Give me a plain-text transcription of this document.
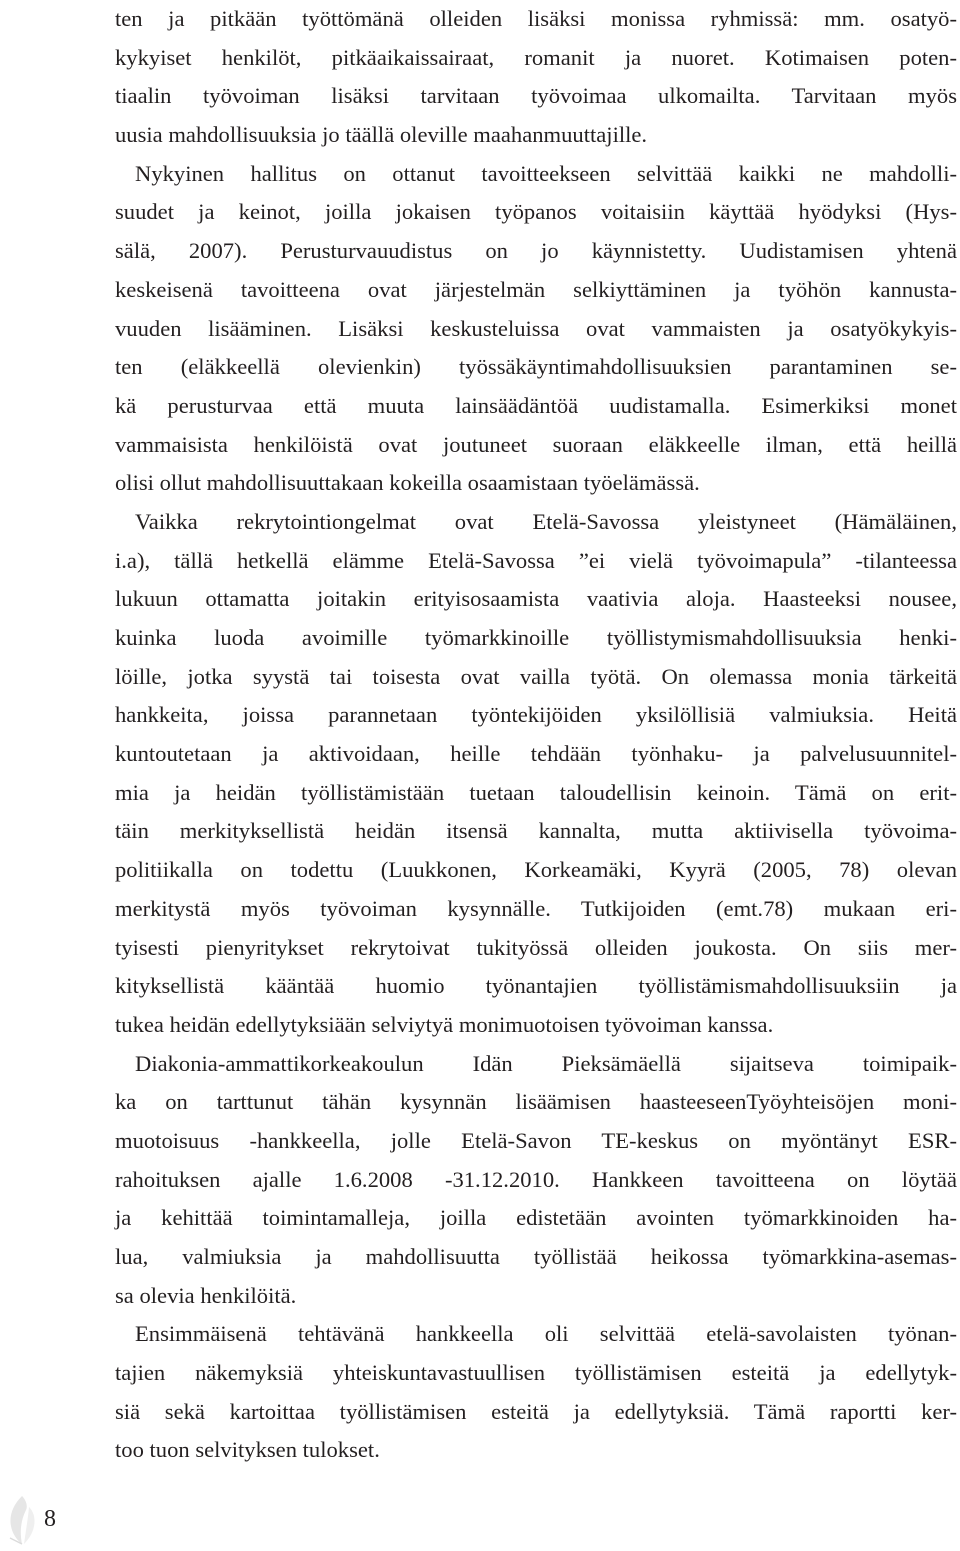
ten ja pitkään työttömänä olleiden lisäksi monissa ryhmissä: mm. osatyö-
kykyiset henkilöt, pitkäaikaissairaat, romanit ja nuoret. Kotimaisen poten-
tiaalin työvoiman lisäksi tarvitaan työvoimaa ulkomailta. Tarvitaan myös
uusia mahdollisuuksia jo täällä oleville maahanmuuttajille.
Nykyinen hallitus on ottanut tavoitteekseen selvittää kaikki ne mahdolli-
suudet ja keinot, joilla jokaisen työpanos voitaisiin käyttää hyödyksi (Hys-
sälä, 2007). Perusturvauudistus on jo käynnistetty. Uudistamisen yhtenä
keskeisenä tavoitteena ovat järjestelmän selkiyttäminen ja työhön kannusta-
vuuden lisääminen. Lisäksi keskusteluissa ovat vammaisten ja osatyökykyis-
ten (eläkkeellä olevienkin) työssäkäyntimahdollisuuksien parantaminen se-
kä perusturvaa että muuta lainsäädäntöä uudistamalla. Esimerkiksi monet
vammaisista henkilöistä ovat joutuneet suoraan eläkkeelle ilman, että heillä
olisi ollut mahdollisuuttakaan kokeilla osaamistaan työelämässä.
Vaikka rekrytointiongelmat ovat Etelä-Savossa yleistyneet (Hämäläinen,
i.a), tällä hetkellä elämme Etelä-Savossa ”ei vielä työvoimapula” -tilanteessa
lukuun ottamatta joitakin erityisosaamista vaativia aloja. Haasteeksi nousee,
kuinka luoda avoimille työmarkkinoille työllistymismahdollisuuksia henki-
löille, jotka syystä tai toisesta ovat vailla työtä. On olemassa monia tärkeitä
hankkeita, joissa parannetaan työntekijöiden yksilöllisiä valmiuksia. Heitä
kuntoutetaan ja aktivoidaan, heille tehdään työnhaku- ja palvelusuunnitel-
mia ja heidän työllistämistään tuetaan taloudellisin keinoin. Tämä on erit-
täin merkityksellistä heidän itsensä kannalta, mutta aktiivisella työvoima-
politiikalla on todettu (Luukkonen, Korkeamäki, Kyyrä (2005, 78) olevan
merkitystä myös työvoiman kysynnälle. Tutkijoiden (emt.78) mukaan eri-
tyisesti pienyritykset rekrytoivat tukityössä olleiden joukosta. On siis mer-
kityksellistä kääntää huomio työnantajien työllistämismahdollisuuksiin ja
tukea heidän edellytyksiään selviytyä monimuotoisen työvoiman kanssa.
Diakonia-ammattikorkeakoulun Idän Pieksämäellä sijaitseva toimipaik-
ka on tarttunut tähän kysynnän lisäämisen haasteeseenTyöyhteisöjen moni-
muotoisuus -hankkeella, jolle Etelä-Savon TE-keskus on myöntänyt ESR-
rahoituksen ajalle 1.6.2008 -31.12.2010. Hankkeen tavoitteena on löytää
ja kehittää toimintamalleja, joilla edistetään avointen työmarkkinoiden ha-
lua, valmiuksia ja mahdollisuutta työllistää heikossa työmarkkina-asemas-
sa olevia henkilöitä.
Ensimmäisenä tehtävänä hankkeella oli selvittää etelä-savolaisten työnan-
tajien näkemyksiä yhteiskuntavastuullisen työllistämisen esteitä ja edellytyk-
siä sekä kartoittaa työllistämisen esteitä ja edellytyksiä. Tämä raportti ker-
too tuon selvityksen tulokset.
8
